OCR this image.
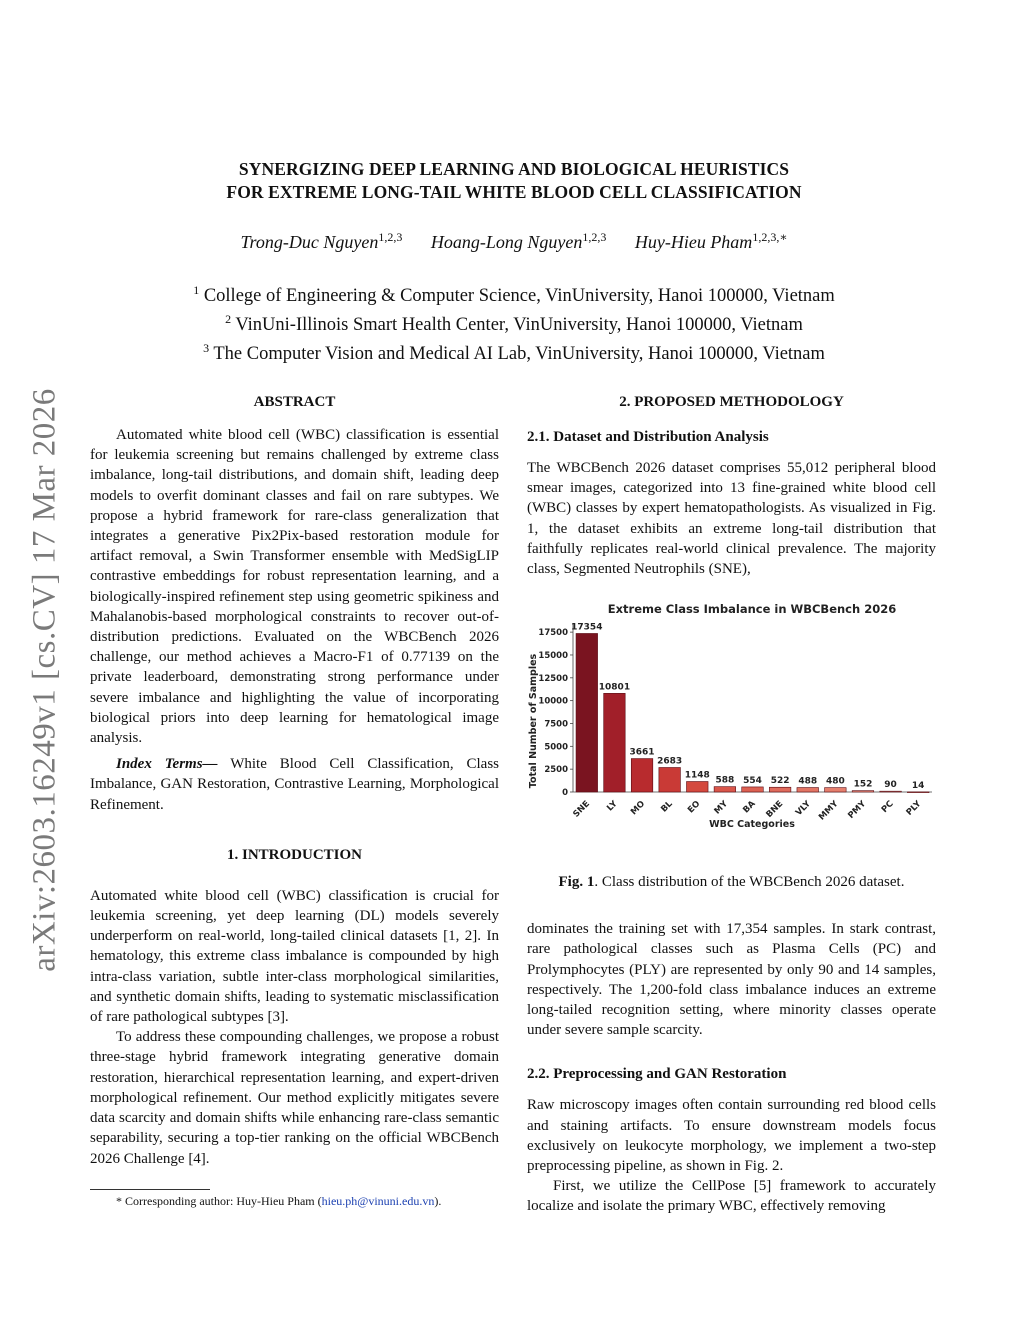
arXiv:2603.16249v1 [cs.CV] 17 Mar 2026
SYNERGIZING DEEP LEARNING AND BIOLOGICAL HEURISTICS
FOR EXTREME LONG-TAIL WHITE BLOOD CELL CLASSIFICATION
Trong-Duc Nguyen$^{1,2,3}$ Hoang-Long Nguyen$^{1,2,3}$ Huy-Hieu Pham$^{1,2,3,∗}$
$^1$ College of Engineering & Computer Science, VinUniversity, Hanoi 100000, Vietnam
$^2$ VinUni-Illinois Smart Health Center, VinUniversity, Hanoi 100000, Vietnam
$^3$ The Computer Vision and Medical AI Lab, VinUniversity, Hanoi 100000, Vietnam
ABSTRACT

Automated white blood cell (WBC) classification is essential for leukemia screening but remains challenged by extreme class imbalance, long-tail distributions, and domain shift, leading deep models to overfit dominant classes and fail on rare subtypes. We propose a hybrid framework for rare-class generalization that integrates a generative Pix2Pix-based restoration module for artifact removal, a Swin Transformer ensemble with MedSigLIP contrastive embeddings for robust representation learning, and a biologically-inspired refinement step using geometric spikiness and Mahalanobis-based morphological constraints to recover out-of-distribution predictions. Evaluated on the WBCBench 2026 challenge, our method achieves a Macro-F1 of 0.77139 on the private leaderboard, demonstrating strong performance under severe imbalance and highlighting the value of incorporating biological priors into deep learning for hematological image analysis.

Index Terms— White Blood Cell Classification, Class Imbalance, GAN Restoration, Contrastive Learning, Morphological Refinement.

1. INTRODUCTION

Automated white blood cell (WBC) classification is crucial for leukemia screening, yet deep learning (DL) models severely underperform on real-world, long-tailed clinical datasets [1, 2]. In hematology, this extreme class imbalance is compounded by high intra-class variation, subtle inter-class morphological similarities, and synthetic domain shifts, leading to systematic misclassification of rare pathological subtypes [3].

To address these compounding challenges, we propose a robust three-stage hybrid framework integrating generative domain restoration, hierarchical representation learning, and expert-driven morphological refinement. Our method explicitly mitigates severe data scarcity and domain shifts while enhancing rare-class semantic separability, securing a top-tier ranking on the official WBCBench 2026 Challenge [4].

* Corresponding author: Huy-Hieu Pham (hieu.ph@vinuni.edu.vn).
2. PROPOSED METHODOLOGY
2.1. Dataset and Distribution Analysis

The WBCBench 2026 dataset comprises 55,012 peripheral blood smear images, categorized into 13 fine-grained white blood cell (WBC) classes by expert hematopathologists. As visualized in Fig. 1, the dataset exhibits an extreme long-tail distribution that faithfully replicates real-world clinical prevalence. The majority class, Segmented Neutrophils (SNE),

Extreme Class Imbalance in WBCBench 2026
Total Number of Samples
WBC Categories
0
2500
5000
7500
10000
12500
15000
17500
17354
SNE
10801
LY
3661
MO
2683
BL
1148
EO
588
MY
554
BA
522
BNE
488
VLY
480
MMY
152
PMY
90
PC
14
PLY
Fig. 1. Class distribution of the WBCBench 2026 dataset.

dominates the training set with 17,354 samples. In stark contrast, rare pathological classes such as Plasma Cells (PC) and Prolymphocytes (PLY) are represented by only 90 and 14 samples, respectively. The 1,200-fold class imbalance induces an extreme long-tailed recognition setting, where minority classes operate under severe sample scarcity.

2.2. Preprocessing and GAN Restoration

Raw microscopy images often contain surrounding red blood cells and staining artifacts. To ensure downstream models focus exclusively on leukocyte morphology, we implement a two-step preprocessing pipeline, as shown in Fig. 2.

First, we utilize the CellPose [5] framework to accurately localize and isolate the primary WBC, effectively removing
